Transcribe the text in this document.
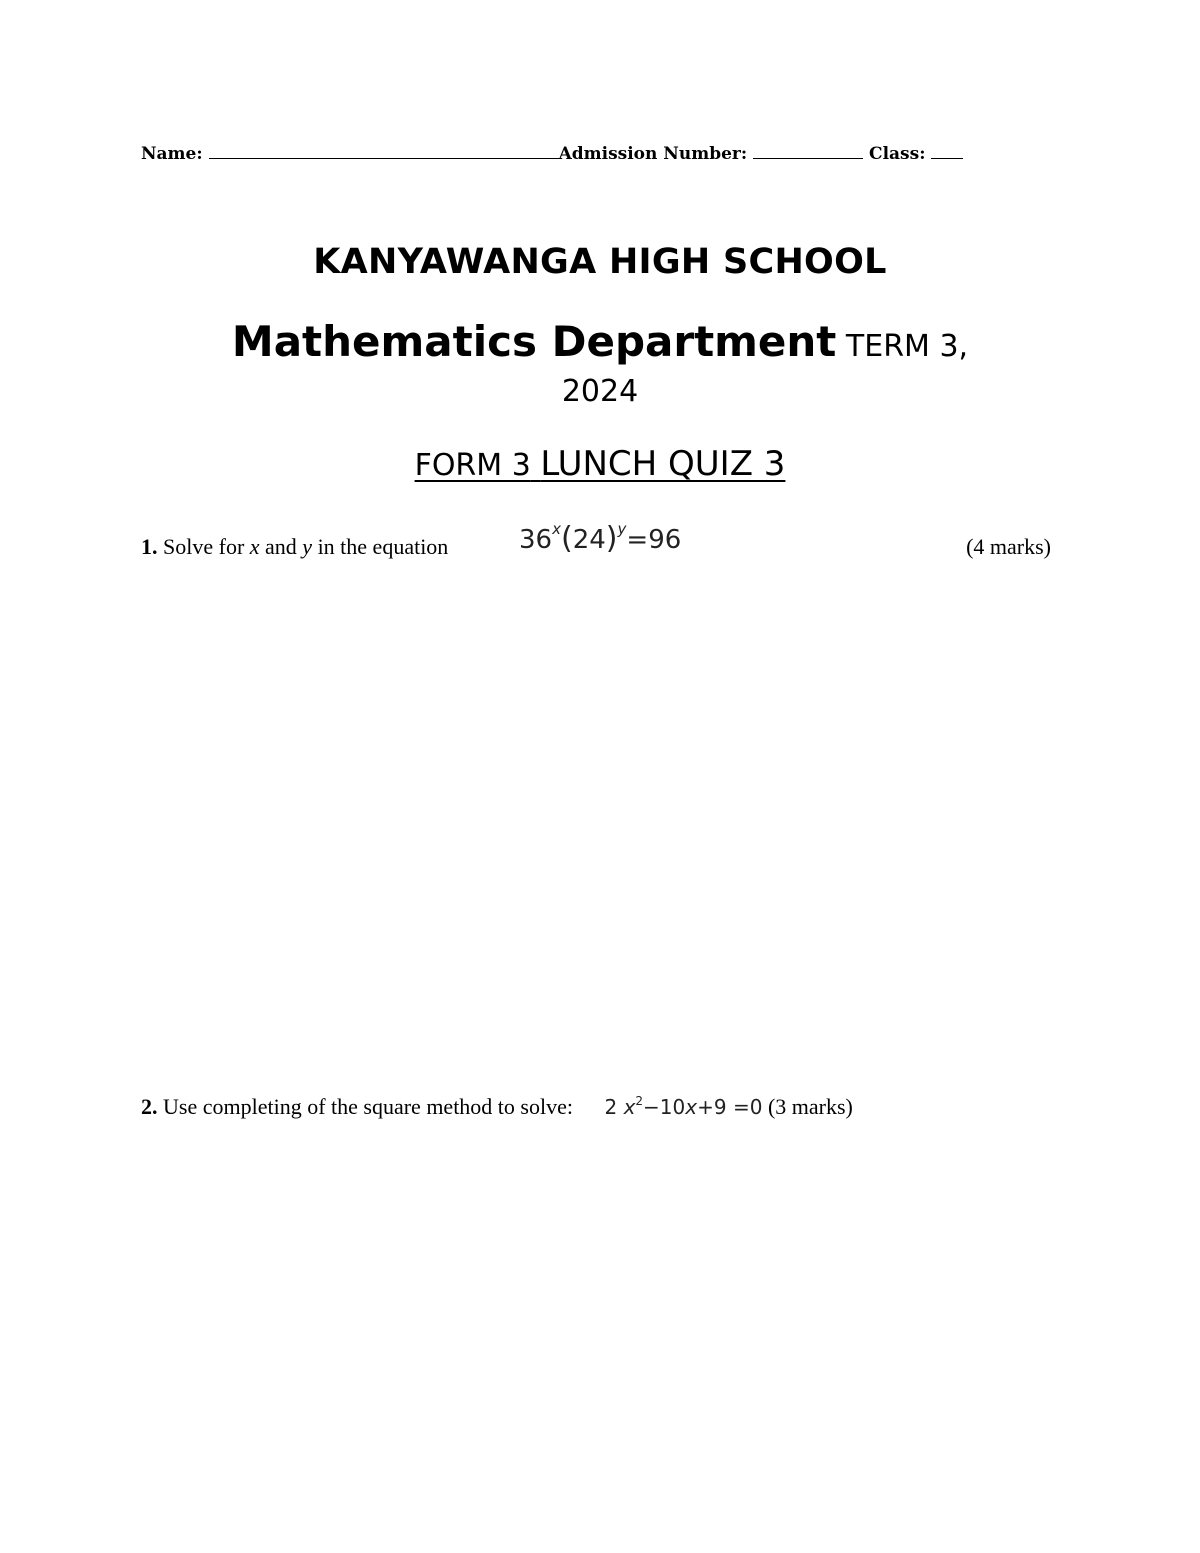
Name:	Admission Number:	Class:
KANYAWANGA HIGH SCHOOL
Mathematics Department TERM 3,
2024
FORM 3 LUNCH QUIZ 3
1. Solve for x and y in the equation	$36^x(24)^y=96$	(4 marks)
2. Use completing of the square method to solve: 2 $x^2-10x+9 =0$ (3 marks)
